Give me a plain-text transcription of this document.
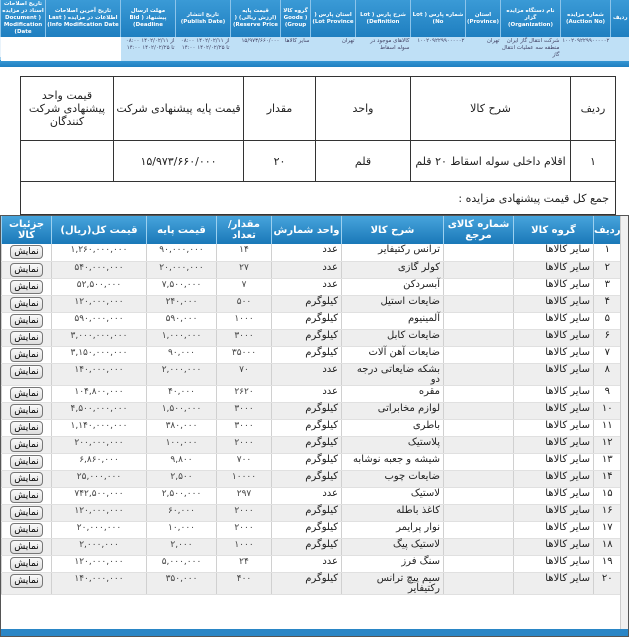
ردیف	شماره مزایده (Auction No)	نام دستگاه مزایده گزار (Organization)	استان (Province)	شماره پارس ( Lot No)	شرح پارس ( Lot Definition)	استان پارس ( Lot Province)	گروه کالا ( Goods Group)	قیمت پایه (ارزش ریالی) ( Reserve Price)	تاریخ انتشار (Publish Date)	مهلت ارسال پیشنهاد ( Bid Deadline)	تاریخ آخرین اصلاحات اطلاعات در مزایده ( Last Info Modification Date)	تاریخ اصلاحات اسناد در مزایده ( Document Modification Date)
	۱۰۰۲۰۹۲۲۹۹۰۰۰۰۰۲	شرکت انتقال گاز ایران منطقه سه عملیات انتقال گاز	تهران	۱۰۰۲۰۹۲۲۹۹۰۰۰۰۰۲	کالاهای موجود در سوله اسقاط	تهران	سایر کالاها	۱۵/۹۷۳/۶۶۰/۰۰۰	از ۱۴۰۲/۰۲/۱۱ ۰۸:۰۰ تا ۱۴۰۲/۰۲/۲۵ ۱۴:۰۰	از ۱۴۰۲/۰۲/۱۱ ۰۸:۰۰ تا ۱۴۰۲/۰۲/۲۵ ۱۴:۰۰		
ردیف	شرح کالا	واحد	مقدار	قیمت پایه پیشنهادی شرکت	قیمت واحد پیشنهادی شرکت کنندگان
۱	اقلام داخلی سوله اسقاط ۲۰ قلم	قلم	۲۰	۱۵/۹۷۳/۶۶۰/۰۰۰	
جمع کل قیمت پیشنهادی مزایده :					
ردیف	گروه کالا	شماره کالای مرجع	شرح کالا	واحد شمارش	مقدار/تعداد	قیمت پایه	قیمت کل(ریال)	جزئیات کالا
۱	سایر کالاها		ترانس رکتیفایر	عدد	۱۴	۹۰,۰۰۰,۰۰۰	۱,۲۶۰,۰۰۰,۰۰۰	نمایش
۲	سایر کالاها		کولر گازی	عدد	۲۷	۲۰,۰۰۰,۰۰۰	۵۴۰,۰۰۰,۰۰۰	نمایش
۳	سایر کالاها		آبسردکن	عدد	۷	۷,۵۰۰,۰۰۰	۵۲,۵۰۰,۰۰۰	نمایش
۴	سایر کالاها		ضایعات استیل	کیلوگرم	۵۰۰	۲۴۰,۰۰۰	۱۲۰,۰۰۰,۰۰۰	نمایش
۵	سایر کالاها		آلمینیوم	کیلوگرم	۱۰۰۰	۵۹۰,۰۰۰	۵۹۰,۰۰۰,۰۰۰	نمایش
۶	سایر کالاها		ضایعات کابل	کیلوگرم	۳۰۰۰	۱,۰۰۰,۰۰۰	۳,۰۰۰,۰۰۰,۰۰۰	نمایش
۷	سایر کالاها		ضایعات آهن آلات	کیلوگرم	۳۵۰۰۰	۹۰,۰۰۰	۳,۱۵۰,۰۰۰,۰۰۰	نمایش
۸	سایر کالاها		بشکه ضایعاتی درجه دو	عدد	۷۰	۲,۰۰۰,۰۰۰	۱۴۰,۰۰۰,۰۰۰	نمایش
۹	سایر کالاها		مقره	عدد	۲۶۲۰	۴۰,۰۰۰	۱۰۴,۸۰۰,۰۰۰	نمایش
۱۰	سایر کالاها		لوازم مخابراتی	کیلوگرم	۳۰۰۰	۱,۵۰۰,۰۰۰	۴,۵۰۰,۰۰۰,۰۰۰	نمایش
۱۱	سایر کالاها		باطری	کیلوگرم	۳۰۰۰	۳۸۰,۰۰۰	۱,۱۴۰,۰۰۰,۰۰۰	نمایش
۱۲	سایر کالاها		پلاستیک	کیلوگرم	۲۰۰۰	۱۰۰,۰۰۰	۲۰۰,۰۰۰,۰۰۰	نمایش
۱۳	سایر کالاها		شیشه و جعبه نوشابه	کیلوگرم	۷۰۰	۹,۸۰۰	۶,۸۶۰,۰۰۰	نمایش
۱۴	سایر کالاها		ضایعات چوب	کیلوگرم	۱۰۰۰۰	۲,۵۰۰	۲۵,۰۰۰,۰۰۰	نمایش
۱۵	سایر کالاها		لاستیک	عدد	۲۹۷	۲,۵۰۰,۰۰۰	۷۴۲,۵۰۰,۰۰۰	نمایش
۱۶	سایر کالاها		کاغذ باطله	کیلوگرم	۲۰۰۰	۶۰,۰۰۰	۱۲۰,۰۰۰,۰۰۰	نمایش
۱۷	سایر کالاها		نوار پرایمر	کیلوگرم	۲۰۰۰	۱۰,۰۰۰	۲۰,۰۰۰,۰۰۰	نمایش
۱۸	سایر کالاها		لاستیک پیگ	کیلوگرم	۱۰۰۰	۲,۰۰۰	۲,۰۰۰,۰۰۰	نمایش
۱۹	سایر کالاها		سنگ فرز	عدد	۲۴	۵,۰۰۰,۰۰۰	۱۲۰,۰۰۰,۰۰۰	نمایش
۲۰	سایر کالاها		سیم پیچ ترانس رکتیفایر	کیلوگرم	۴۰۰	۳۵۰,۰۰۰	۱۴۰,۰۰۰,۰۰۰	نمایش
